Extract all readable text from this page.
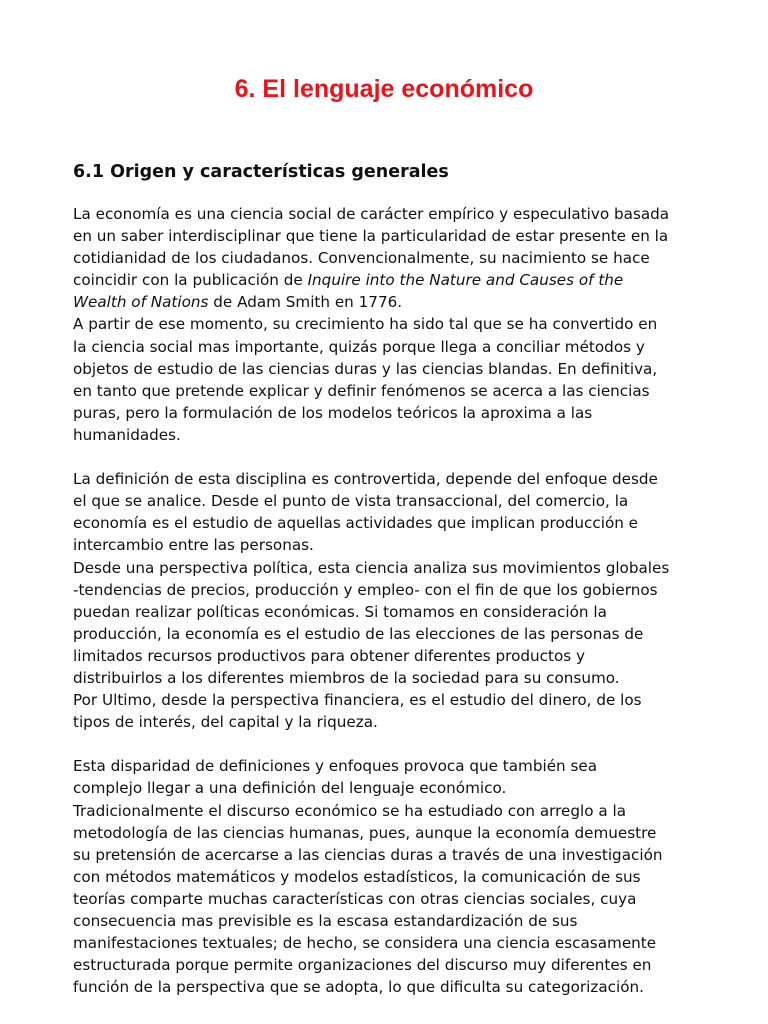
6. El lenguaje económico
6.1 Origen y características generales
La economía es una ciencia social de carácter empírico y especulativo basada
en un saber interdisciplinar que tiene la particularidad de estar presente en la
cotidianidad de los ciudadanos. Convencionalmente, su nacimiento se hace
coincidir con la publicación de Inquire into the Nature and Causes of the
Wealth of Nations de Adam Smith en 1776.
A partir de ese momento, su crecimiento ha sido tal que se ha convertido en
la ciencia social mas importante, quizás porque llega a conciliar métodos y
objetos de estudio de las ciencias duras y las ciencias blandas. En definitiva,
en tanto que pretende explicar y definir fenómenos se acerca a las ciencias
puras, pero la formulación de los modelos teóricos la aproxima a las
humanidades.
La definición de esta disciplina es controvertida, depende del enfoque desde
el que se analice. Desde el punto de vista transaccional, del comercio, la
economía es el estudio de aquellas actividades que implican producción e
intercambio entre las personas.
Desde una perspectiva política, esta ciencia analiza sus movimientos globales
-tendencias de precios, producción y empleo- con el fin de que los gobiernos
puedan realizar políticas económicas. Si tomamos en consideración la
producción, la economía es el estudio de las elecciones de las personas de
limitados recursos productivos para obtener diferentes productos y
distribuirlos a los diferentes miembros de la sociedad para su consumo.
Por Ultimo, desde la perspectiva financiera, es el estudio del dinero, de los
tipos de interés, del capital y la riqueza.
Esta disparidad de definiciones y enfoques provoca que también sea
complejo llegar a una definición del lenguaje económico.
Tradicionalmente el discurso económico se ha estudiado con arreglo a la
metodología de las ciencias humanas, pues, aunque la economía demuestre
su pretensión de acercarse a las ciencias duras a través de una investigación
con métodos matemáticos y modelos estadísticos, la comunicación de sus
teorías comparte muchas características con otras ciencias sociales, cuya
consecuencia mas previsible es la escasa estandardización de sus
manifestaciones textuales; de hecho, se considera una ciencia escasamente
estructurada porque permite organizaciones del discurso muy diferentes en
función de la perspectiva que se adopta, lo que dificulta su categorización.
